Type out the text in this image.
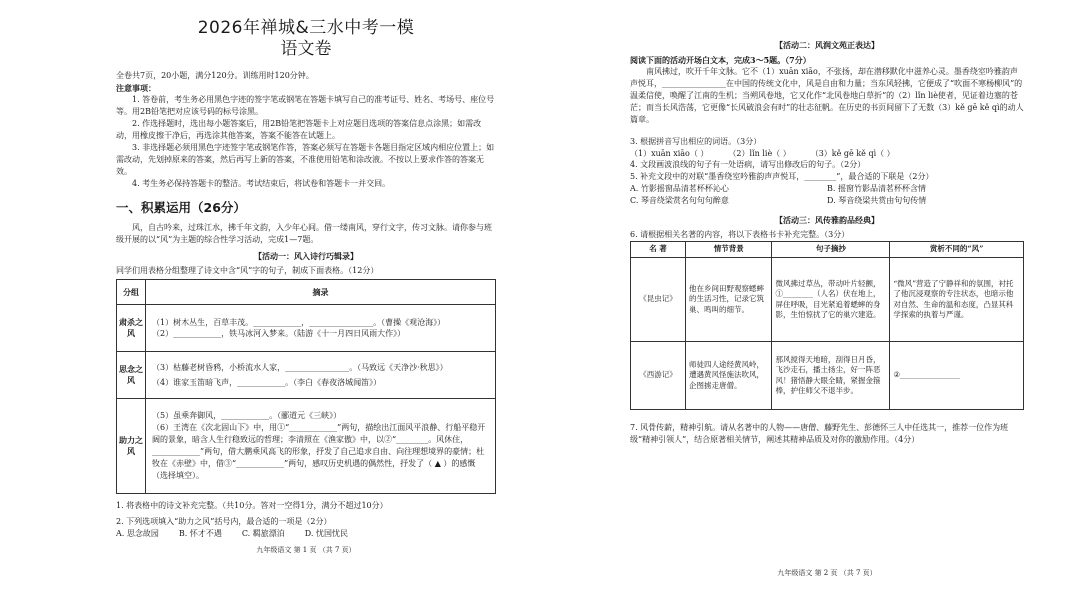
2026年禅城&三水中考一模
语文卷
全卷共7页，20小题，满分120分。训练用时120分钟。
注意事项：
1. 答卷前，考生务必用黑色字迹的签字笔或钢笔在答题卡填写自己的准考证号、姓名、考场号、座位号等。用2B铅笔把对应该号码的标号涂黑。
2. 作选择题时，选出每小题答案后，用2B铅笔把答题卡上对应题目选项的答案信息点涂黑；如需改动，用橡皮擦干净后，再选涂其他答案，答案不能答在试题上。
3. 非选择题必须用黑色字迹签字笔或钢笔作答，答案必须写在答题卡各题目指定区域内相应位置上；如需改动，先划掉原来的答案，然后再写上新的答案，不准使用铅笔和涂改液。不按以上要求作答的答案无效。
4. 考生务必保持答题卡的整洁。考试结束后，将试卷和答题卡一并交回。
一、积累运用（26分）
风，自古吟来，过珠江水，拂千年文韵，入少年心间。借一缕南风，穿行文字，传习文脉。请你参与班级开展的以“风”为主题的综合性学习活动，完成1—7题。
【活动一：风入诗行巧辑录】
同学们用表格分组整理了诗文中含“风”字的句子，制成下面表格。（12分）
分组	摘录
肃杀之风	（1）树木丛生，百草丰茂。____________，________________。（曹操《观沧海》）
（2）____________，铁马冰河入梦来。（陆游《十一月四日风雨大作》）

思念之风	（3）枯藤老树昏鸦，小桥流水人家，________________。（马致远《天净沙·秋思》）
（4）谁家玉笛暗飞声，____________。（李白《春夜洛城闻笛》）

助力之风	（5）虽乘奔御风，____________。（郦道元《三峡》）
（6）王湾在《次北固山下》中，用①“____________”两句，描绘出江面风平浪静、行船平稳开阔的景象，暗含人生行稳致远的哲理；李清照在《渔家傲》中，以②“________。风休住，____________”两句，借大鹏乘风高飞的形象，抒发了自己追求自由、向往理想境界的豪情；杜牧在《赤壁》中，借③“____________”两句，感叹历史机遇的偶然性，抒发了（ ▲ ）的感慨（选择填空）。
1. 将表格中的诗文补充完整。（共10分。答对一空得1分，满分不超过10分）
2. 下列选项填入“助力之风”括号内，最合适的一项是（2分）
A. 思念故园	B. 怀才不遇	C. 羁旅漂泊	D. 忧国忧民
九年级语文 第 1 页 （共 7 页）
【活动二：风润文苑正表达】
阅读下面的活动开场白文本，完成3～5题。（7分）
南风拂过，吹开千年文脉。它不（1）xuān xiāo，不张扬，却在潜移默化中滋养心灵。墨香绕室吟雅韵声声悦耳，________________在中国的传统文化中，风是自由和力量；当东风轻拂，它便成了“吹面不寒杨柳风”的温柔信使，唤醒了江南的生机；当朔风卷地，它又化作“北风卷地白草折”的（2）lǐn liè使者，见证着边塞的苍茫；而当长风浩荡，它更像“长风破浪会有时”的壮志征帆。在历史的书页间留下了无数（3）kě gē kě qì的动人篇章。
3. 根据拼音写出相应的词语。（3分）
（1）xuān xiāo（ ）	（2）lǐn liè（ ）	（3）kě gē kě qì（ ）
4. 文段画波浪线的句子有一处语病，请写出修改后的句子。（2分）
5. 补充文段中的对联“墨香绕室吟雅韵声声悦耳，________”，最合适的下联是（2分）
A. 竹影摇窗品清茗杯杯沁心	B. 摇窗竹影品清茗杯杯含情
C. 琴音绕梁赏名句句句醉意	D. 琴音绕梁共赏由句句传情
【活动三：风传雅韵品经典】
6. 请根据相关名著的内容，将以下表格书卡补充完整。（3分）
名 著	情节背景	句子摘抄	赏析不同的“风”
《昆虫记》	他在乡间田野观察蟋蟀的生活习性，记录它筑巢、鸣叫的细节。	微风拂过草丛，带动叶片轻颤，①________（人名）伏在地上，屏住呼吸，目光紧追着蟋蟀的身影，生怕惊扰了它的巢穴建造。	“微风”营造了宁静祥和的氛围，衬托了他沉浸观察的专注状态，也暗示他对自然、生命的温和态度，凸显其科学探索的执着与严谨。
《西游记》	师徒四人途经黄风岭，遭遇黄风怪施法吹风，企图掳走唐僧。	那风搅得天地暗，刮得日月昏，飞沙走石，播土扬尘，好一阵恶风！猪悟静大眼全睛，紧握金箍棒，护住师父不退半步。	②________________
7. 风骨传薪，精神引航。请从名著中的人物——唐僧、藤野先生、彭德怀三人中任选其一，推荐一位作为班级“精神引领人”，结合原著相关情节，阐述其精神品质及对你的激励作用。（4分）
九年级语文 第 2 页 （共 7 页）
